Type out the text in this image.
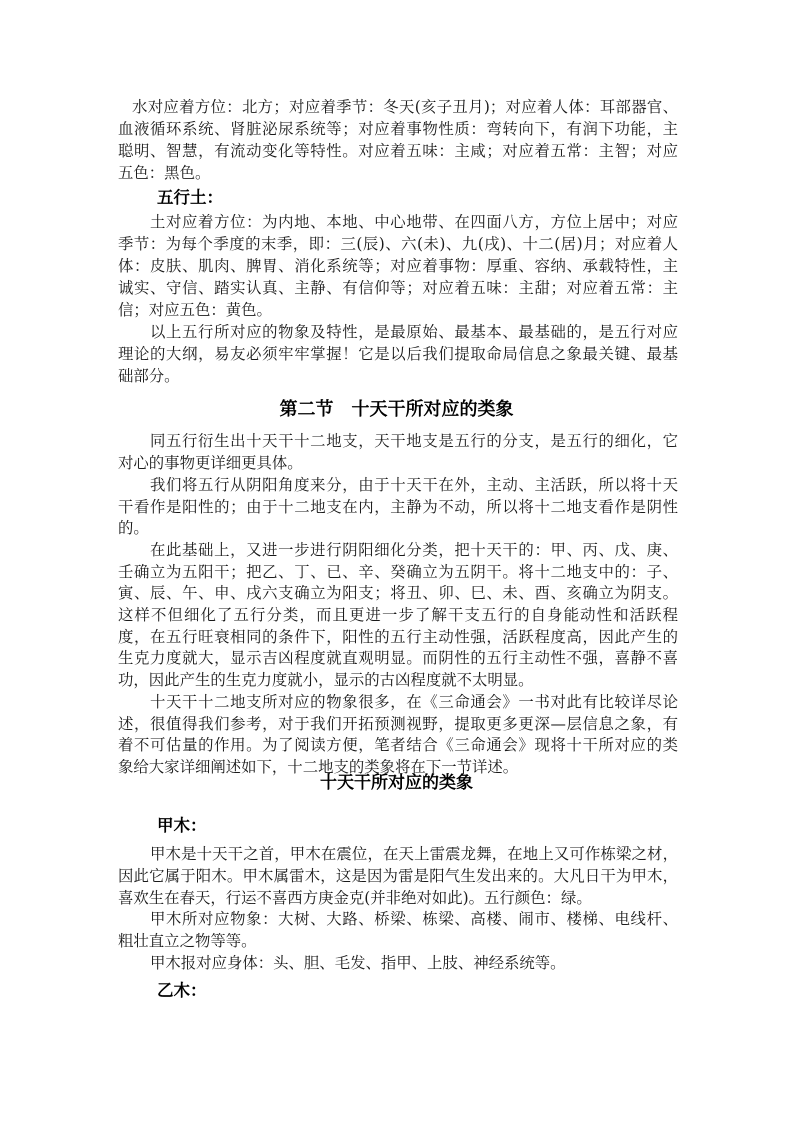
水对应着方位：北方；对应着季节：冬天(亥子丑月)；对应着人体：耳部器官、
血液循环系统、肾脏泌尿系统等；对应着事物性质：弯转向下，有润下功能，主
聪明、智慧，有流动变化等特性。对应着五味：主咸；对应着五常：主智；对应
五色：黑色。
五行土：
土对应着方位：为内地、本地、中心地带、在四面八方，方位上居中；对应
季节：为每个季度的末季，即：三(辰)、六(未)、九(戌)、十二(居)月；对应着人
体：皮肤、肌肉、脾胃、消化系统等；对应着事物：厚重、容纳、承载特性，主
诚实、守信、踏实认真、主静、有信仰等；对应着五味：主甜；对应着五常：主
信；对应五色：黄色。
以上五行所对应的物象及特性，是最原始、最基本、最基础的，是五行对应
理论的大纲，易友必须牢牢掌握！它是以后我们提取命局信息之象最关键、最基
础部分。
第二节　十天干所对应的类象
同五行衍生出十天干十二地支，天干地支是五行的分支，是五行的细化，它
对心的事物更详细更具体。
我们将五行从阴阳角度来分，由于十天干在外，主动、主活跃，所以将十天
干看作是阳性的；由于十二地支在内，主静为不动，所以将十二地支看作是阴性
的。
在此基础上，又进一步进行阴阳细化分类，把十天干的：甲、丙、戊、庚、
壬确立为五阳干；把乙、丁、已、辛、癸确立为五阴干。将十二地支中的：子、
寅、辰、午、申、戌六支确立为阳支；将丑、卯、巳、未、酉、亥确立为阴支。
这样不但细化了五行分类，而且更进一步了解干支五行的自身能动性和活跃程
度，在五行旺衰相同的条件下，阳性的五行主动性强，活跃程度高，因此产生的
生克力度就大，显示吉凶程度就直观明显。而阴性的五行主动性不强，喜静不喜
功，因此产生的生克力度就小，显示的古凶程度就不太明显。
十天干十二地支所对应的物象很多，在《三命通会》一书对此有比较详尽论
述，很值得我们参考，对于我们开拓预测视野，提取更多更深—层信息之象，有
着不可估量的作用。为了阅读方便，笔者结合《三命通会》现将十干所对应的类
象给大家详细阐述如下，十二地支的类象将在下一节详述。
十天干所对应的类象
甲木：
甲木是十天干之首，甲木在震位，在天上雷震龙舞，在地上又可作栋梁之材，
因此它属于阳木。甲木属雷木，这是因为雷是阳气生发出来的。大凡日干为甲木，
喜欢生在春天，行运不喜西方庚金克(并非绝对如此)。五行颜色：绿。
甲木所对应物象：大树、大路、桥梁、栋梁、高楼、闹市、楼梯、电线杆、
粗壮直立之物等等。
甲木报对应身体：头、胆、毛发、指甲、上肢、神经系统等。
乙木：
